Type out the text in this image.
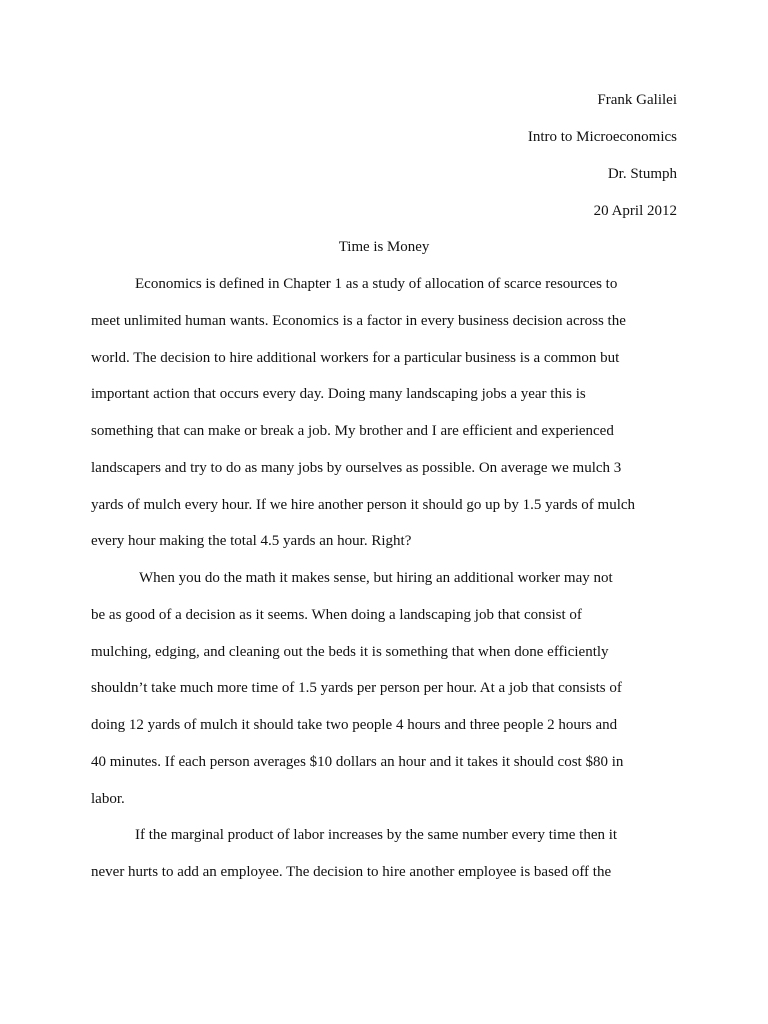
Frank Galilei
Intro to Microeconomics
Dr. Stumph
20 April 2012
Time is Money
Economics is defined in Chapter 1 as a study of allocation of scarce resources to
meet unlimited human wants. Economics is a factor in every business decision across the
world. The decision to hire additional workers for a particular business is a common but
important action that occurs every day. Doing many landscaping jobs a year this is
something that can make or break a job. My brother and I are efficient and experienced
landscapers and try to do as many jobs by ourselves as possible. On average we mulch 3
yards of mulch every hour. If we hire another person it should go up by 1.5 yards of mulch
every hour making the total 4.5 yards an hour. Right?
When you do the math it makes sense, but hiring an additional worker may not
be as good of a decision as it seems. When doing a landscaping job that consist of
mulching, edging, and cleaning out the beds it is something that when done efficiently
shouldn’t take much more time of 1.5 yards per person per hour. At a job that consists of
doing 12 yards of mulch it should take two people 4 hours and three people 2 hours and
40 minutes. If each person averages $10 dollars an hour and it takes it should cost $80 in
labor.
If the marginal product of labor increases by the same number every time then it
never hurts to add an employee. The decision to hire another employee is based off the
